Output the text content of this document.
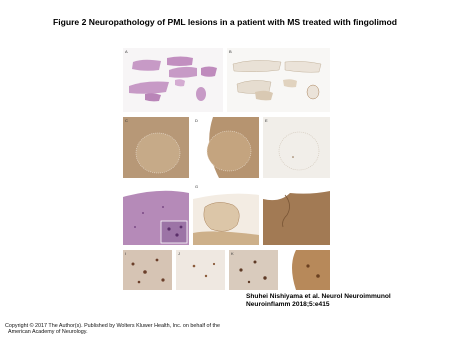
Figure 2 Neuropathology of PML lesions in a patient with MS treated with fingolimod
A	B
C	D	E
F	G	H
I	J	K	L
Shuhei Nishiyama et al. Neurol Neuroimmunol
Neuroinflamm 2018;5:e415
Copyright © 2017 The Author(s). Published by Wolters Kluwer Health, Inc. on behalf of the
American Academy of Neurology.
